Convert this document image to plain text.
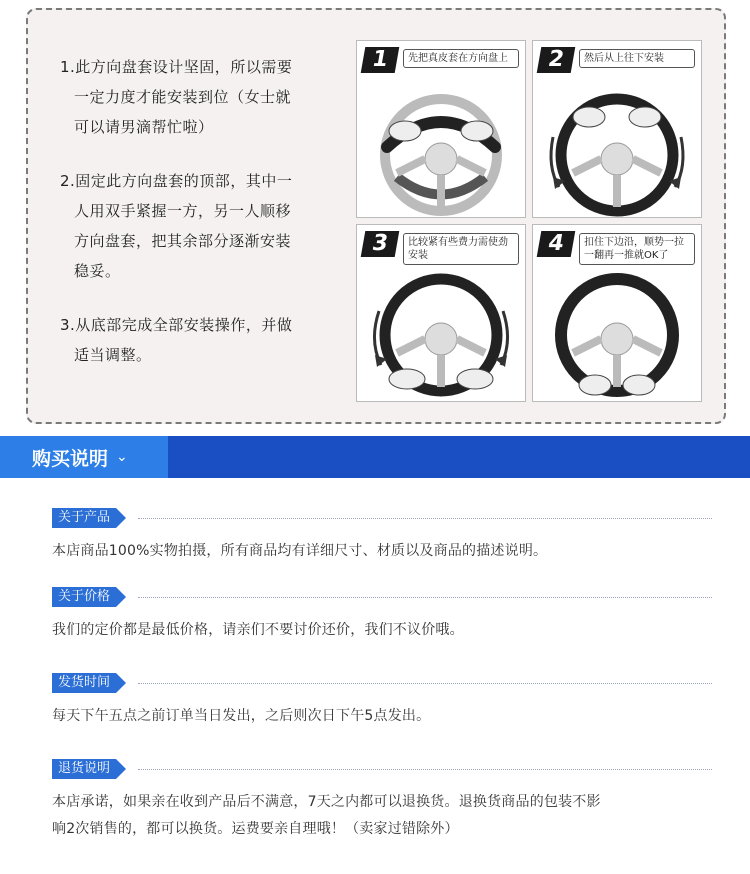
1.此方向盘套设计坚固，所以需要
一定力度才能安装到位（女士就
可以请男滴帮忙啦）

2.固定此方向盘套的顶部，其中一
人用双手紧握一方，另一人顺移
方向盘套，把其余部分逐渐安装
稳妥。

3.从底部完成全部安装操作，并做
适当调整。

1	先把真皮套在方向盘上	2	然后从上往下安装
3	比较紧有些费力需使劲安装	4	扣住下边沿，顺势一拉一翻再一推就OK了
购买说明 ⌄
关于产品
本店商品100%实物拍摄，所有商品均有详细尺寸、材质以及商品的描述说明。
关于价格
我们的定价都是最低价格，请亲们不要讨价还价，我们不议价哦。
发货时间
每天下午五点之前订单当日发出，之后则次日下午5点发出。
退货说明
本店承诺，如果亲在收到产品后不满意，7天之内都可以退换货。退换货商品的包装不影
响2次销售的，都可以换货。运费要亲自理哦！（卖家过错除外）
